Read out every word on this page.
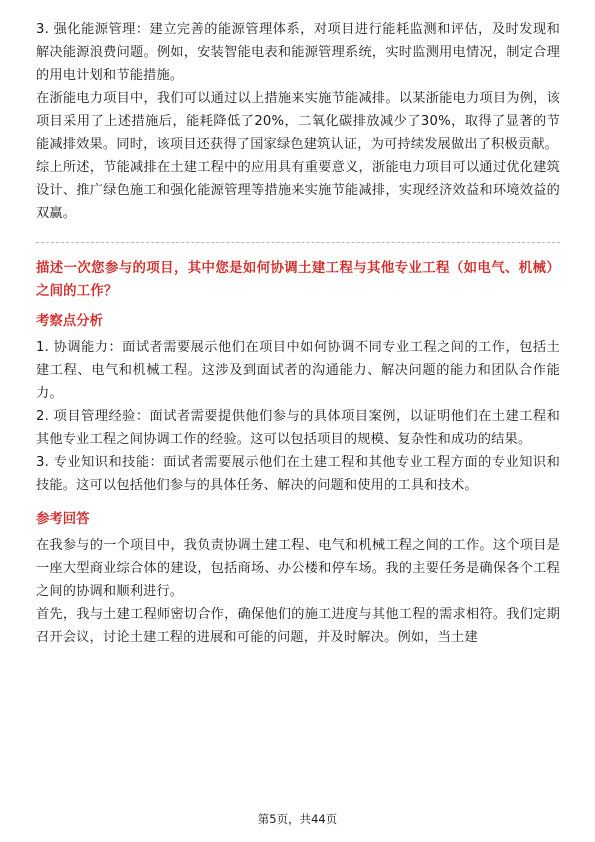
3. 强化能源管理：建立完善的能源管理体系，对项目进行能耗监测和评估，及时发现和解决能源浪费问题。例如，安装智能电表和能源管理系统，实时监测用电情况，制定合理的用电计划和节能措施。

在浙能电力项目中，我们可以通过以上措施来实施节能减排。以某浙能电力项目为例，该项目采用了上述措施后，能耗降低了20%，二氧化碳排放减少了30%，取得了显著的节能减排效果。同时，该项目还获得了国家绿色建筑认证，为可持续发展做出了积极贡献。

综上所述，节能减排在土建工程中的应用具有重要意义，浙能电力项目可以通过优化建筑设计、推广绿色施工和强化能源管理等措施来实施节能减排，实现经济效益和环境效益的双赢。

描述一次您参与的项目，其中您是如何协调土建工程与其他专业工程（如电气、机械）之间的工作？

考察点分析

1. 协调能力：面试者需要展示他们在项目中如何协调不同专业工程之间的工作，包括土建工程、电气和机械工程。这涉及到面试者的沟通能力、解决问题的能力和团队合作能力。

2. 项目管理经验：面试者需要提供他们参与的具体项目案例，以证明他们在土建工程和其他专业工程之间协调工作的经验。这可以包括项目的规模、复杂性和成功的结果。

3. 专业知识和技能：面试者需要展示他们在土建工程和其他专业工程方面的专业知识和技能。这可以包括他们参与的具体任务、解决的问题和使用的工具和技术。

参考回答

在我参与的一个项目中，我负责协调土建工程、电气和机械工程之间的工作。这个项目是一座大型商业综合体的建设，包括商场、办公楼和停车场。我的主要任务是确保各个工程之间的协调和顺利进行。

首先，我与土建工程师密切合作，确保他们的施工进度与其他工程的需求相符。我们定期召开会议，讨论土建工程的进展和可能的问题，并及时解决。例如，当土建

第5页，共44页
